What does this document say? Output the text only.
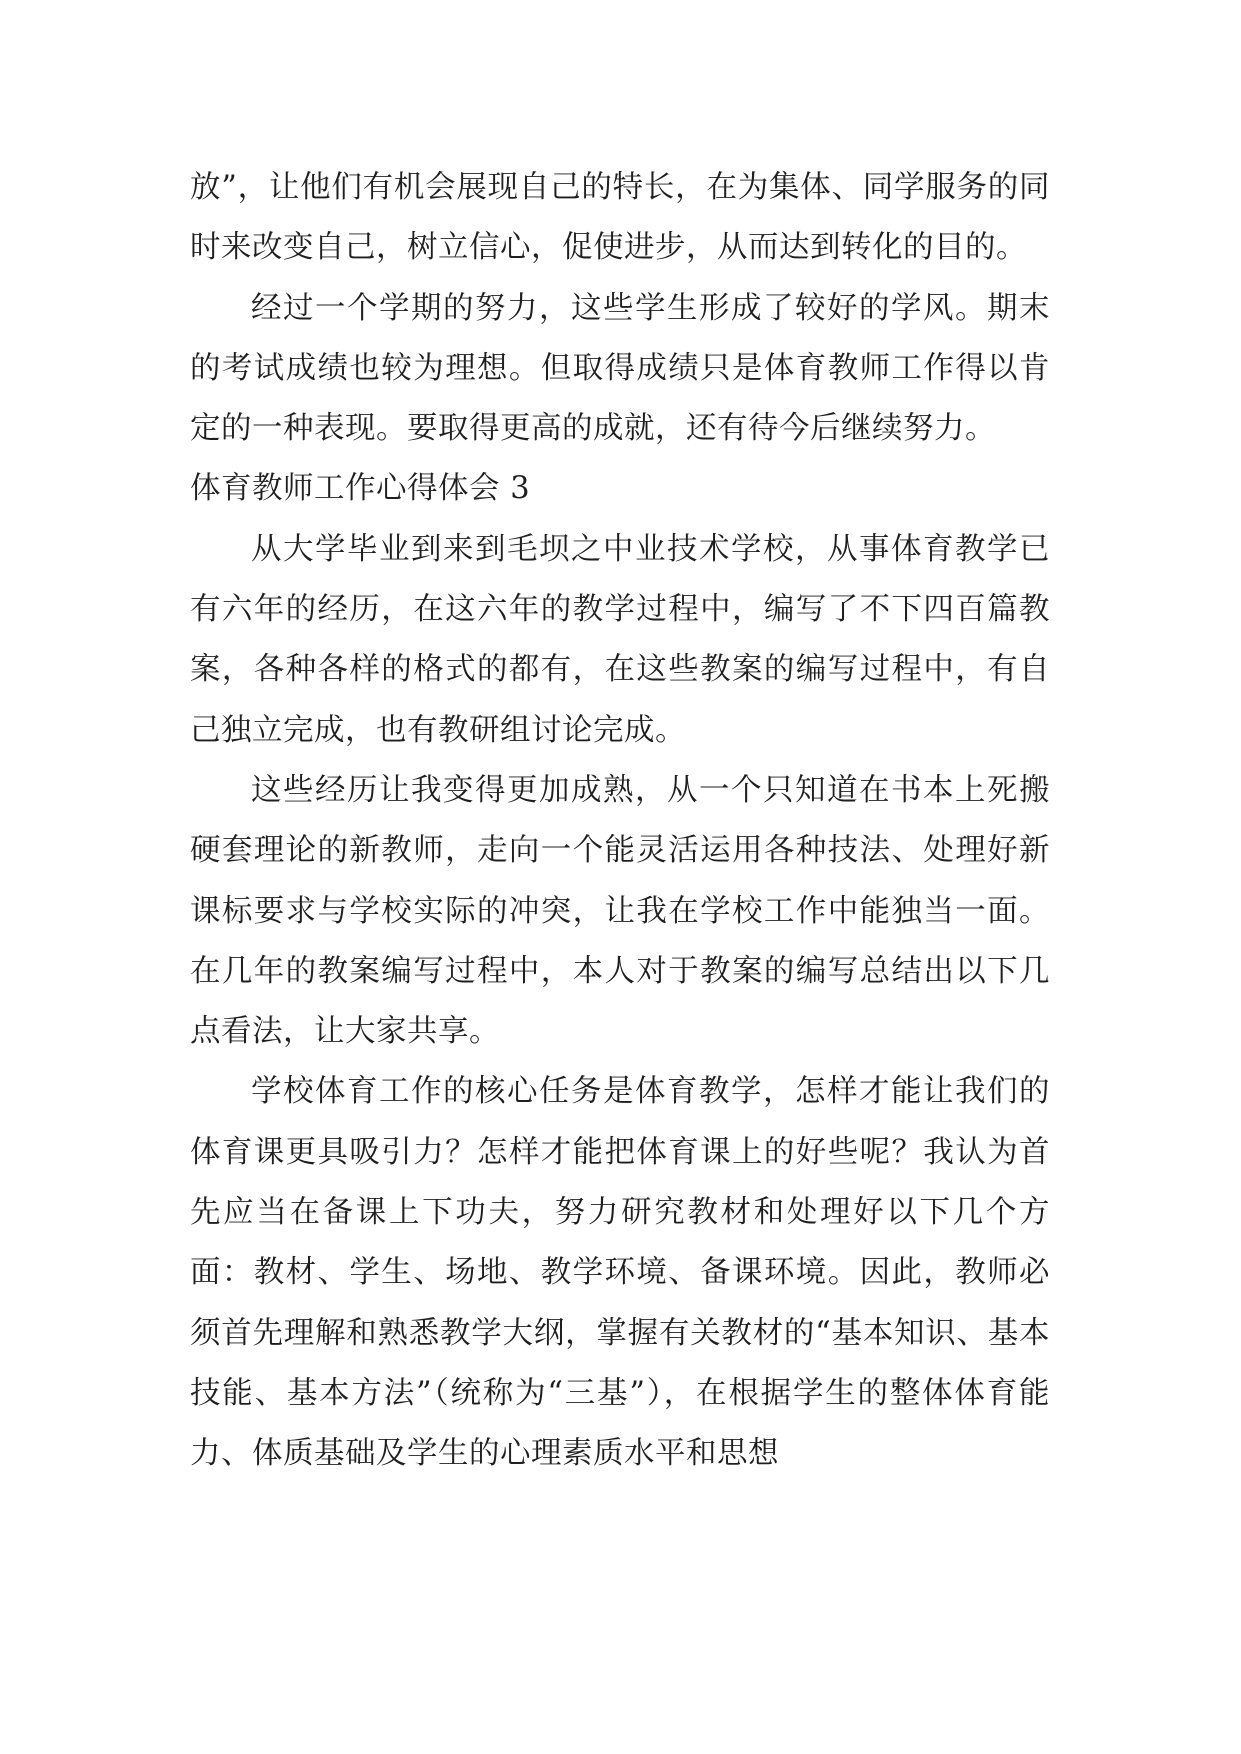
放”，让他们有机会展现自己的特长，在为集体、同学服务的同时来改变自己，树立信心，促使进步，从而达到转化的目的。

经过一个学期的努力，这些学生形成了较好的学风。期末的考试成绩也较为理想。但取得成绩只是体育教师工作得以肯定的一种表现。要取得更高的成就，还有待今后继续努力。

体育教师工作心得体会 3

从大学毕业到来到毛坝之中业技术学校，从事体育教学已有六年的经历，在这六年的教学过程中，编写了不下四百篇教案，各种各样的格式的都有，在这些教案的编写过程中，有自己独立完成，也有教研组讨论完成。

这些经历让我变得更加成熟，从一个只知道在书本上死搬硬套理论的新教师，走向一个能灵活运用各种技法、处理好新课标要求与学校实际的冲突，让我在学校工作中能独当一面。在几年的教案编写过程中，本人对于教案的编写总结出以下几点看法，让大家共享。

学校体育工作的核心任务是体育教学，怎样才能让我们的体育课更具吸引力？怎样才能把体育课上的好些呢？我认为首先应当在备课上下功夫，努力研究教材和处理好以下几个方面：教材、学生、场地、教学环境、备课环境。因此，教师必须首先理解和熟悉教学大纲，掌握有关教材的“基本知识、基本技能、基本方法”（统称为“三基”），在根据学生的整体体育能力、体质基础及学生的心理素质水平和思想
